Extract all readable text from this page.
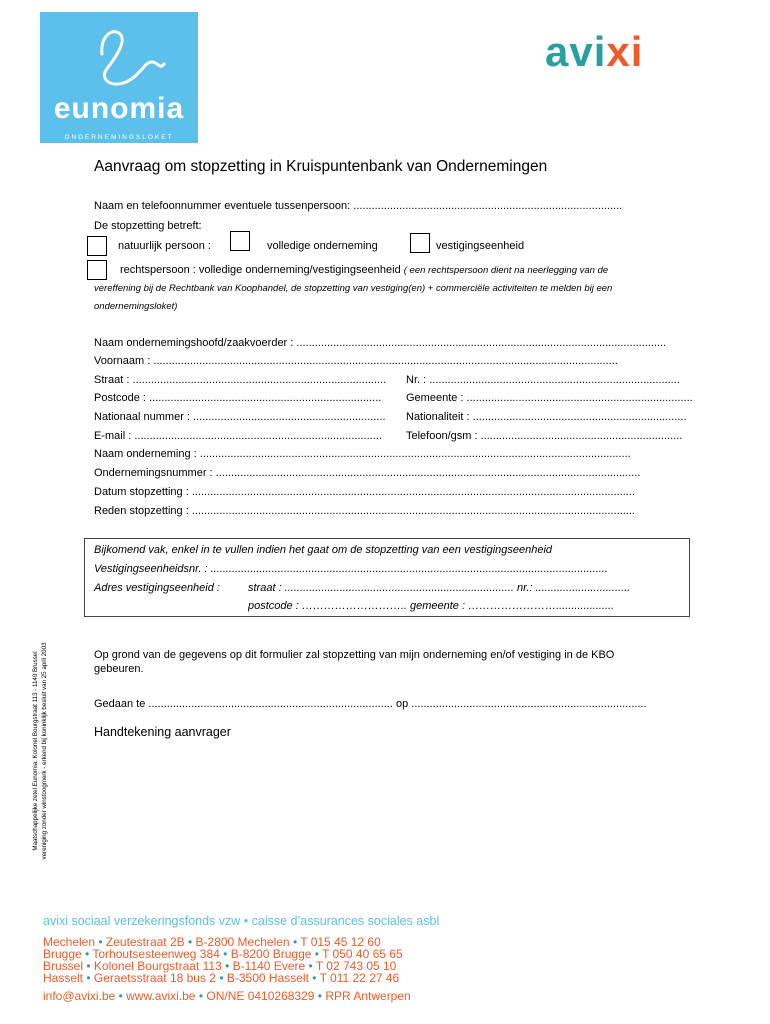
eunomia
ONDERNEMINGSLOKET
avixi
Aanvraag om stopzetting in Kruispuntenbank van Ondernemingen
Naam en telefoonnummer eventuele tussenpersoon: ........................................................................................
De stopzetting betreft:
natuurlijk persoon :	volledige onderneming	vestigingseenheid
rechtspersoon : volledige onderneming/vestigingseenheid ( een rechtspersoon dient na neerlegging van de
vereffening bij de Rechtbank van Koophandel, de stopzetting van vestiging(en) + commerciële activiteiten te melden bij een
ondernemingsloket)
Naam ondernemingshoofd/zaakvoerder : .........................................................................................................................
Voornaam : ........................................................................................................................................................
Straat : ...................................................................................	Nr. : ..................................................................................
Postcode : ............................................................................	Gemeente : ..........................................................................
Nationaal nummer : ...............................................................	Nationaliteit : ......................................................................
E-mail : .................................................................................	Telefoon/gsm : ..................................................................
Naam onderneming : .............................................................................................................................................
Ondernemingsnummer : ...........................................................................................................................................
Datum stopzetting : .................................................................................................................................................
Reden stopzetting : .................................................................................................................................................
Bijkomend vak, enkel in te vullen indien het gaat om de stopzetting van een vestigingseenheid
Vestigingseenheidsnr. : ..................................................................................................................................
Adres vestigingseenheid :	straat : ........................................................................... nr.: ...............................
postcode : ……………………….. gemeente : ……………………...................
Maatschappelijke zetel Eunomia: Kolonel Bourgstraat 113 - 1140 Brussel vereniging zonder winstoogmerk - erkend bij koninklijk besluit van 25 april 2003	Op grond van de gegevens op dit formulier zal stopzetting van mijn onderneming en/of vestiging in de KBO gebeuren.
Gedaan te ................................................................................ op .............................................................................
Handtekening aanvrager
avixi sociaal verzekeringsfonds vzw • caisse d’assurances sociales asbl
Mechelen • Zeutestraat 2B • B-2800 Mechelen • T 015 45 12 60
Brugge • Torhoutsesteenweg 384 • B-8200 Brugge • T 050 40 65 65
Brussel • Kolonel Bourgstraat 113 • B-1140 Evere • T 02 743 05 10
Hasselt • Geraetsstraat 18 bus 2 • B-3500 Hasselt • T 011 22 27 46
info@avixi.be • www.avixi.be • ON/NE 0410268329 • RPR Antwerpen
